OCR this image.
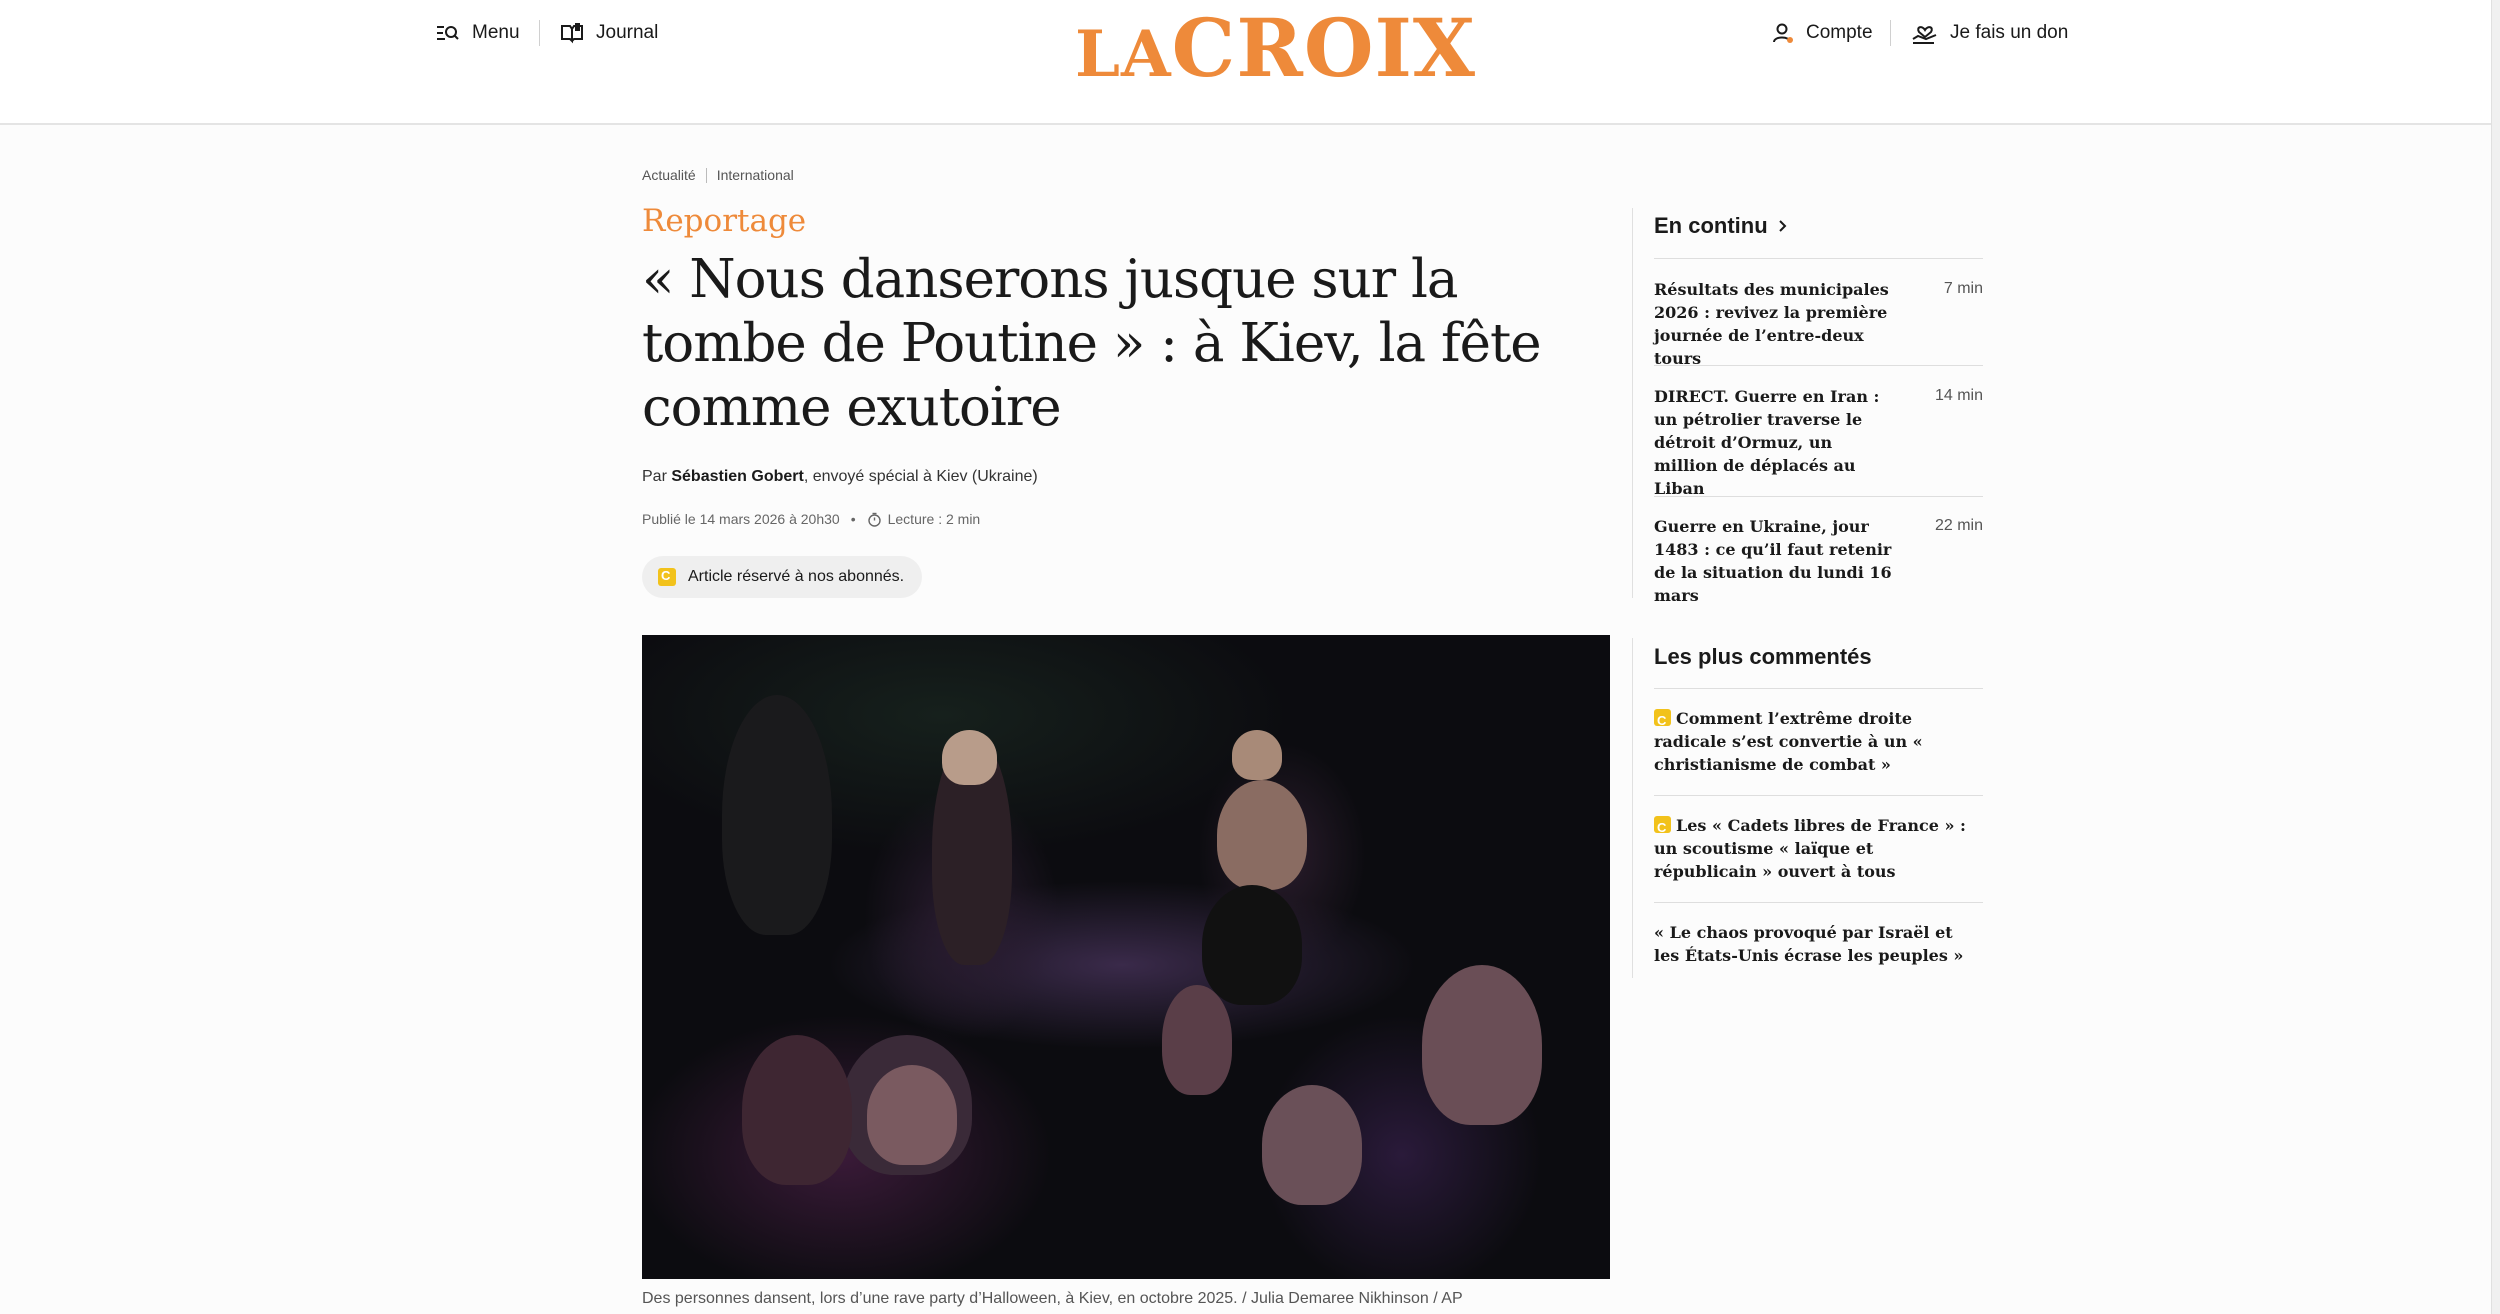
Menu	Journal	LACROIX	Compte	Je fais un don
Actualité International
Reportage
« Nous danserons jusque sur la tombe de Poutine » : à Kiev, la fête comme exutoire
Par Sébastien Gobert, envoyé spécial à Kiev (Ukraine)
Publié le 14 mars 2026 à 20h30 • Lecture : 2 min
C
Article réservé à nos abonnés.
Des personnes dansent, lors d’une rave party d’Halloween, à Kiev, en octobre 2025. / Julia Demaree Nikhinson / AP
En continu
Résultats des municipales 2026 : revivez la première journée de l’entre-deux tours
7 min
DIRECT. Guerre en Iran : un pétrolier traverse le détroit d’Ormuz, un million de déplacés au Liban
14 min
Guerre en Ukraine, jour 1483 : ce qu’il faut retenir de la situation du lundi 16 mars
22 min
Les plus commentés
CComment l’extrême droite radicale s’est convertie à un « christianisme de combat »
CLes « Cadets libres de France » : un scoutisme « laïque et républicain » ouvert à tous
« Le chaos provoqué par Israël et les États-Unis écrase les peuples »
